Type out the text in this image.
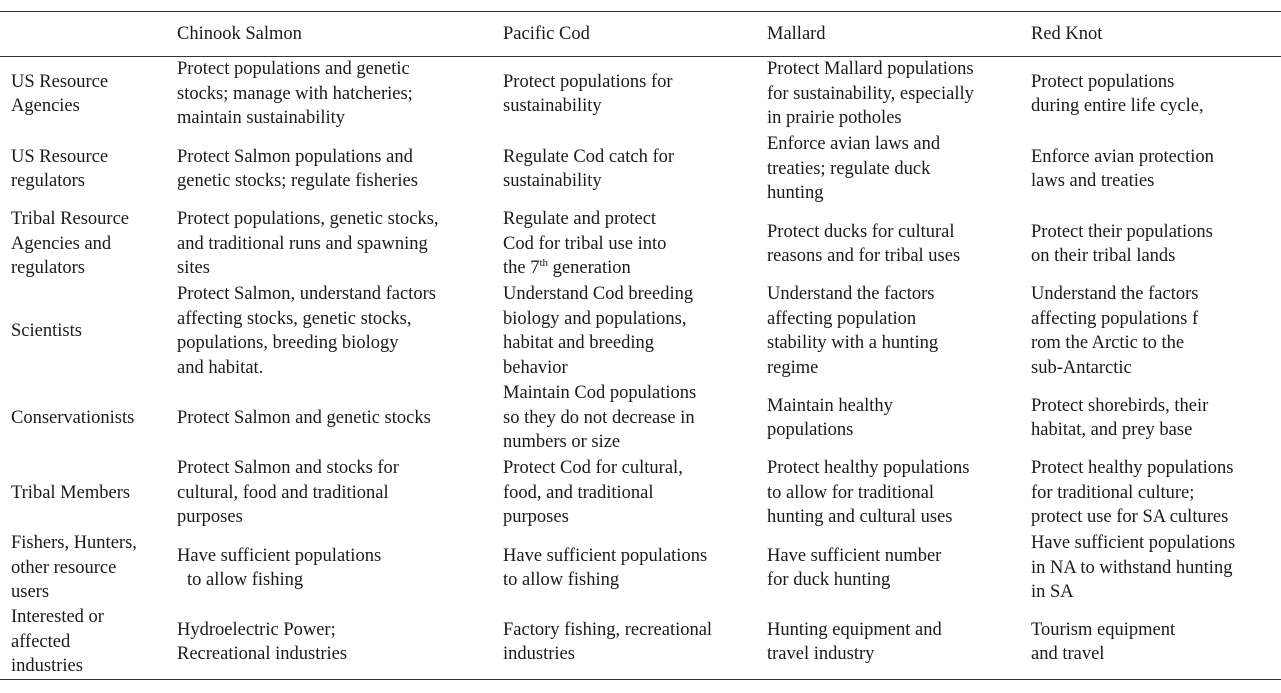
	Chinook Salmon	Pacific Cod	Mallard	Red Knot

US Resource
Agencies	Protect populations and genetic
stocks; manage with hatcheries;
maintain sustainability	Protect populations for
sustainability	Protect Mallard populations
for sustainability, especially
in prairie potholes	Protect populations
during entire life cycle,

US Resource
regulators	Protect Salmon populations and
genetic stocks; regulate fisheries	Regulate Cod catch for
sustainability	Enforce avian laws and
treaties; regulate duck
hunting	Enforce avian protection
laws and treaties

Tribal Resource
Agencies and
regulators	Protect populations, genetic stocks,
and traditional runs and spawning
sites	Regulate and protect
Cod for tribal use into
the 7th generation	Protect ducks for cultural
reasons and for tribal uses	Protect their populations
on their tribal lands

Scientists	Protect Salmon, understand factors
affecting stocks, genetic stocks,
populations, breeding biology
and habitat.	Understand Cod breeding
biology and populations,
habitat and breeding
behavior	Understand the factors
affecting population
stability with a hunting
regime	Understand the factors
affecting populations f
rom the Arctic to the
sub-Antarctic

Conservationists	Protect Salmon and genetic stocks	Maintain Cod populations
so they do not decrease in
numbers or size	Maintain healthy
populations	Protect shorebirds, their
habitat, and prey base

Tribal Members	Protect Salmon and stocks for
cultural, food and traditional
purposes	Protect Cod for cultural,
food, and traditional
purposes	Protect healthy populations
to allow for traditional
hunting and cultural uses	Protect healthy populations
for traditional culture;
protect use for SA cultures

Fishers, Hunters,
other resource
users	Have sufficient populations
to allow fishing	Have sufficient populations
to allow fishing	Have sufficient number
for duck hunting	Have sufficient populations
in NA to withstand hunting
in SA

Interested or
affected
industries	Hydroelectric Power;
Recreational industries	Factory fishing, recreational
industries	Hunting equipment and
travel industry	Tourism equipment
and travel
